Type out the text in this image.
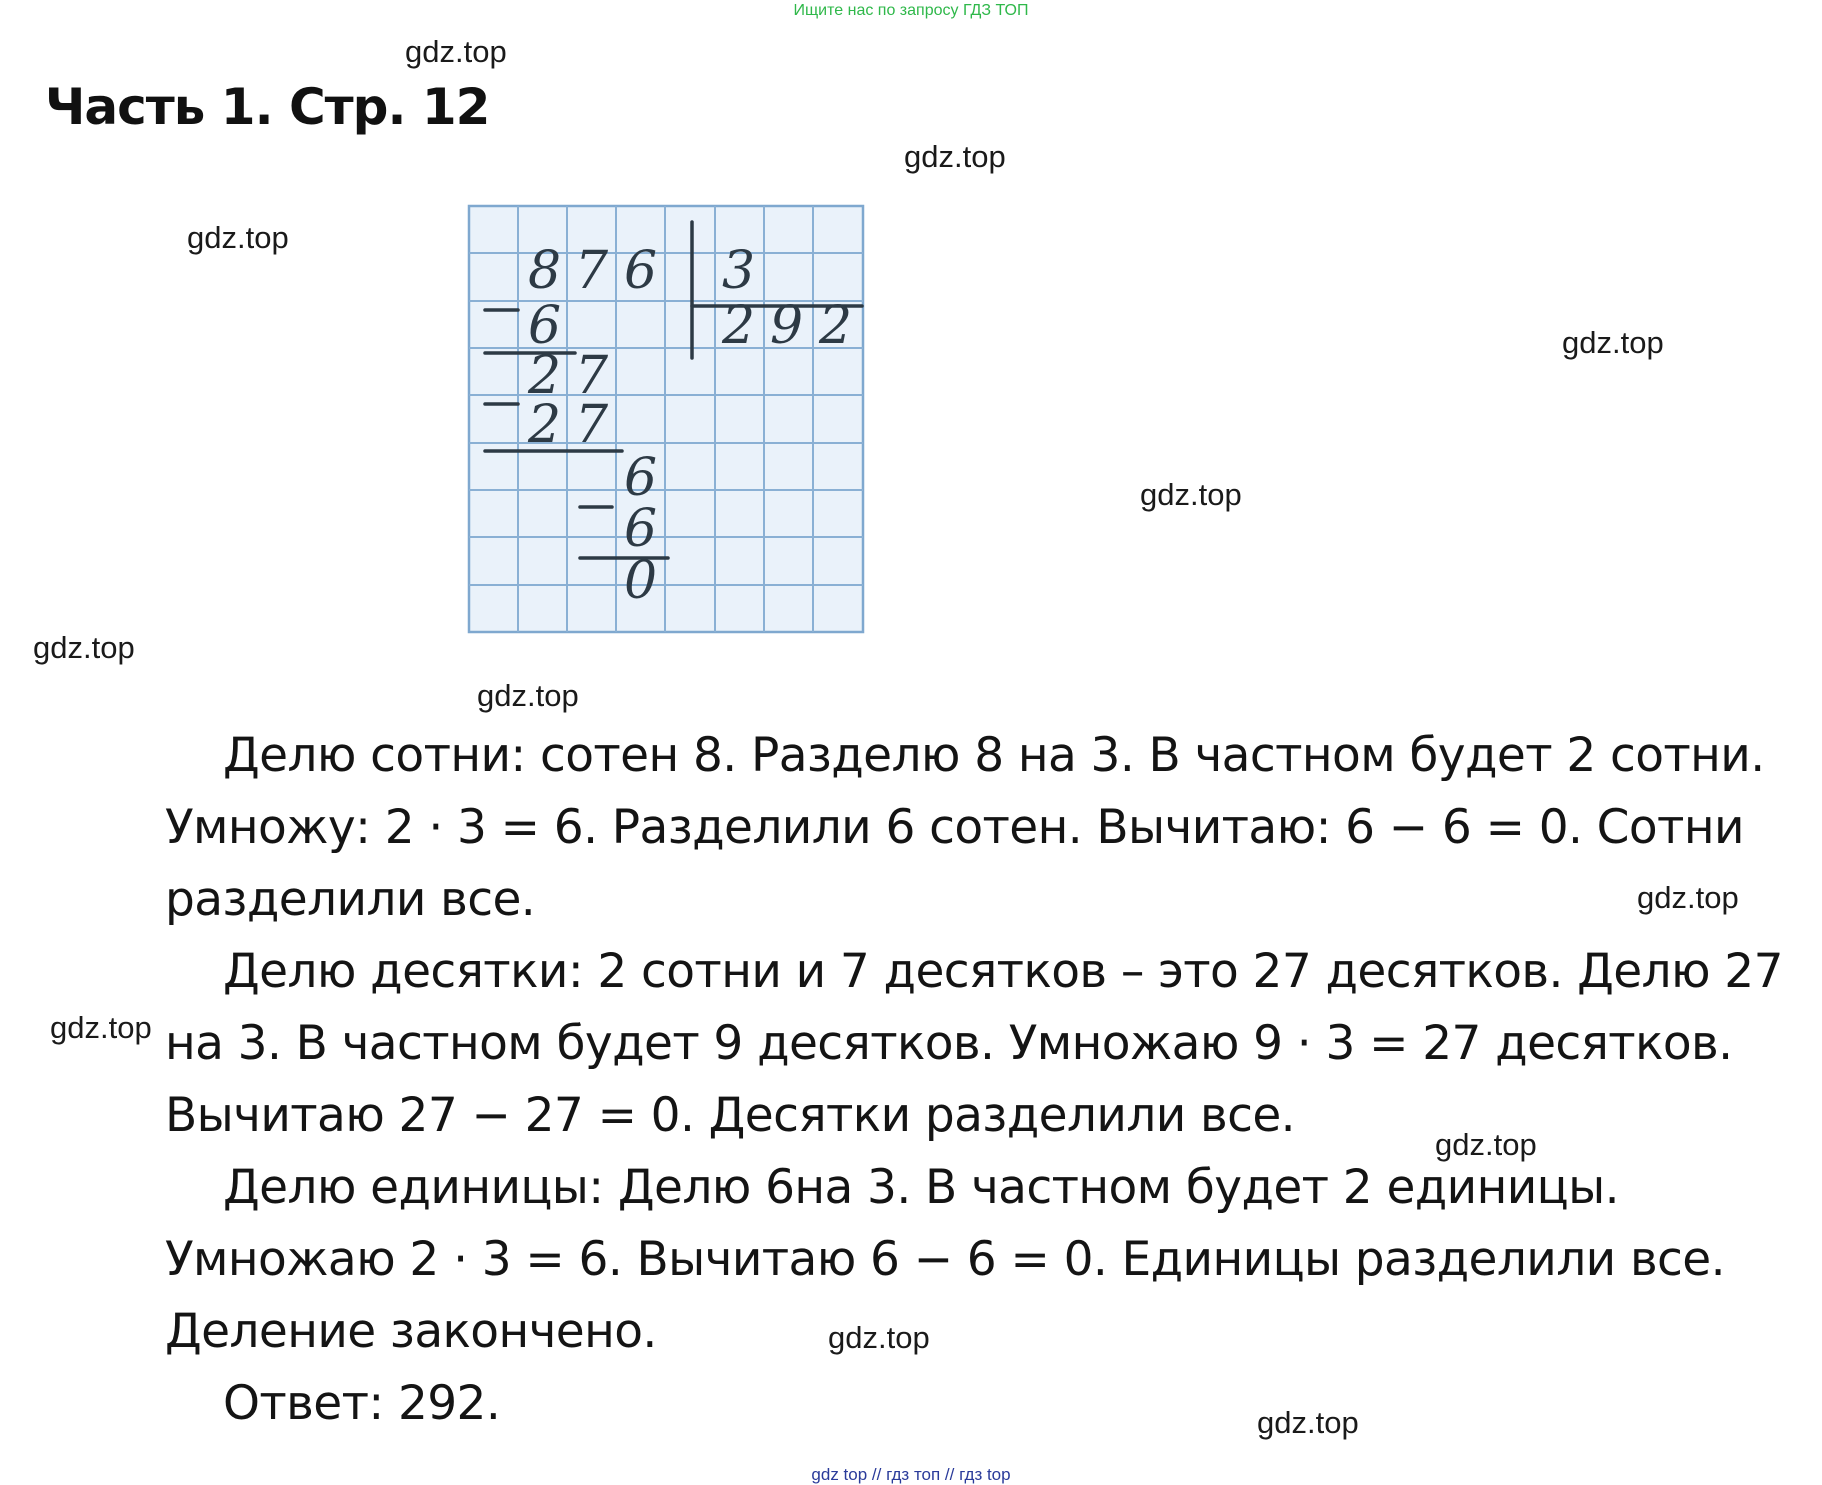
Ищите нас по запросу ГДЗ ТОП
gdz.top
gdz.top
gdz.top
gdz.top
gdz.top
gdz.top
gdz.top
gdz.top
gdz.top
gdz.top
gdz.top
gdz.top
Часть 1. Стр. 12
8 7 6 3
2 9 2
6
2 7
2 7
6
6
0
Делю сотни: сотен 8. Разделю 8 на 3. В частном будет 2 сотни.
Умножу: 2 · 3 = 6. Разделили 6 сотен. Вычитаю: 6 − 6 = 0. Сотни
разделили все.
Делю десятки: 2 сотни и 7 десятков – это 27 десятков. Делю 27
на 3. В частном будет 9 десятков. Умножаю 9 · 3 = 27 десятков.
Вычитаю 27 − 27 = 0. Десятки разделили все.
Делю единицы: Делю 6на 3. В частном будет 2 единицы.
Умножаю 2 · 3 = 6. Вычитаю 6 − 6 = 0. Единицы разделили все.
Деление закончено.
Ответ: 292.
gdz top // гдз топ // гдз top
